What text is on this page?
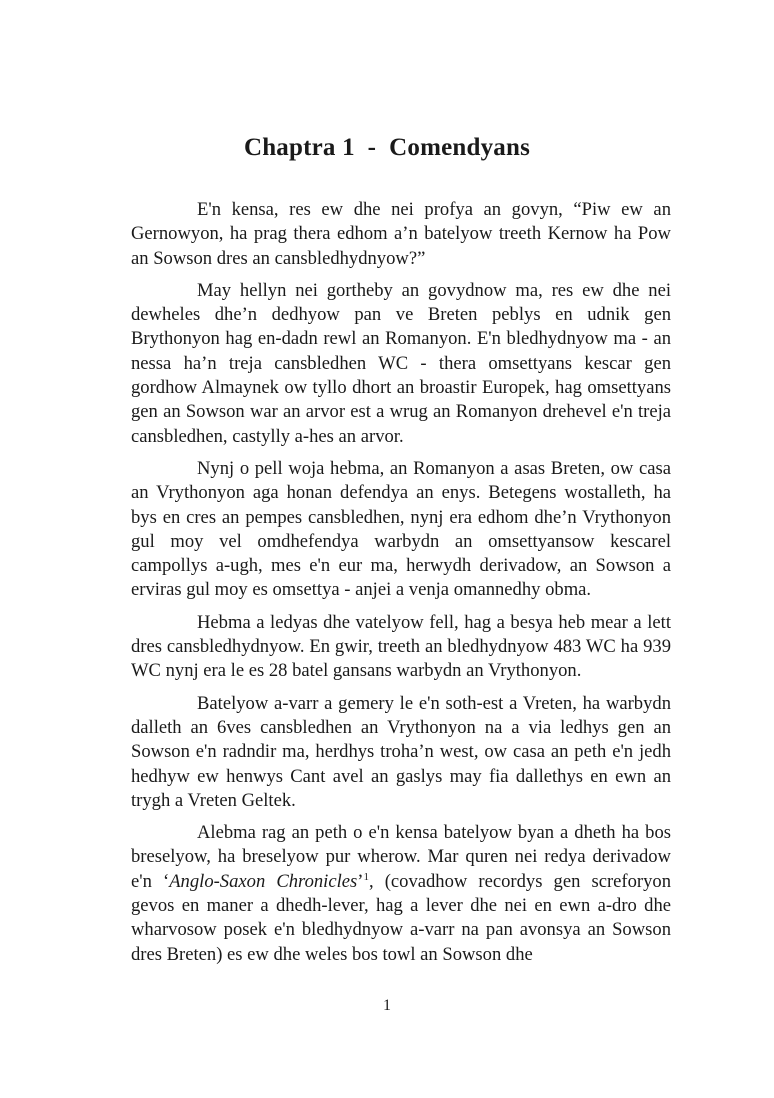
Chaptra 1  -  Comendyans

E'n kensa, res ew dhe nei profya an govyn, “Piw ew an Gernowyon, ha prag thera edhom a’n batelyow treeth Kernow ha Pow an Sowson dres an cansbledhydnyow?”

May hellyn nei gortheby an govydnow ma, res ew dhe nei dewheles dhe’n dedhyow pan ve Breten peblys en udnik gen Brythonyon hag en-dadn rewl an Romanyon. E'n bledhydnyow ma - an nessa ha’n treja cansbledhen WC - thera omsettyans kescar gen gordhow Almaynek ow tyllo dhort an broastir Europek, hag omsettyans gen an Sowson war an arvor est a wrug an Romanyon drehevel e'n treja cansbledhen, castylly a-hes an arvor.

Nynj o pell woja hebma, an Romanyon a asas Breten, ow casa an Vrythonyon aga honan defendya an enys. Betegens wostalleth, ha bys en cres an pempes cansbledhen, nynj era edhom dhe’n Vrythonyon gul moy vel omdhefendya warbydn an omsettyansow kescarel campollys a-ugh, mes e'n eur ma, herwydh derivadow, an Sowson a erviras gul moy es omsettya - anjei a venja omannedhy obma.

Hebma a ledyas dhe vatelyow fell, hag a besya heb mear a lett dres cansbledhydnyow. En gwir, treeth an bledhydnyow 483 WC ha 939 WC nynj era le es 28 batel gansans warbydn an Vrythonyon.

Batelyow a-varr a gemery le e'n soth-est a Vreten, ha warbydn dalleth an 6ves cansbledhen an Vrythonyon na a via ledhys gen an Sowson e'n radndir ma, herdhys troha’n west, ow casa an peth e'n jedh hedhyw ew henwys Cant avel an gaslys may fia dallethys en ewn an trygh a Vreten Geltek.

Alebma rag an peth o e'n kensa batelyow byan a dheth ha bos breselyow, ha breselyow pur wherow. Mar quren nei redya derivadow e'n ‘Anglo-Saxon Chronicles’$^1$, (covadhow recordys gen screforyon gevos en maner a dhedh-lever, hag a lever dhe nei en ewn a-dro dhe wharvosow posek e'n bledhydnyow a-varr na pan avonsya an Sowson dres Breten) es ew dhe weles bos towl an Sowson dhe

1
